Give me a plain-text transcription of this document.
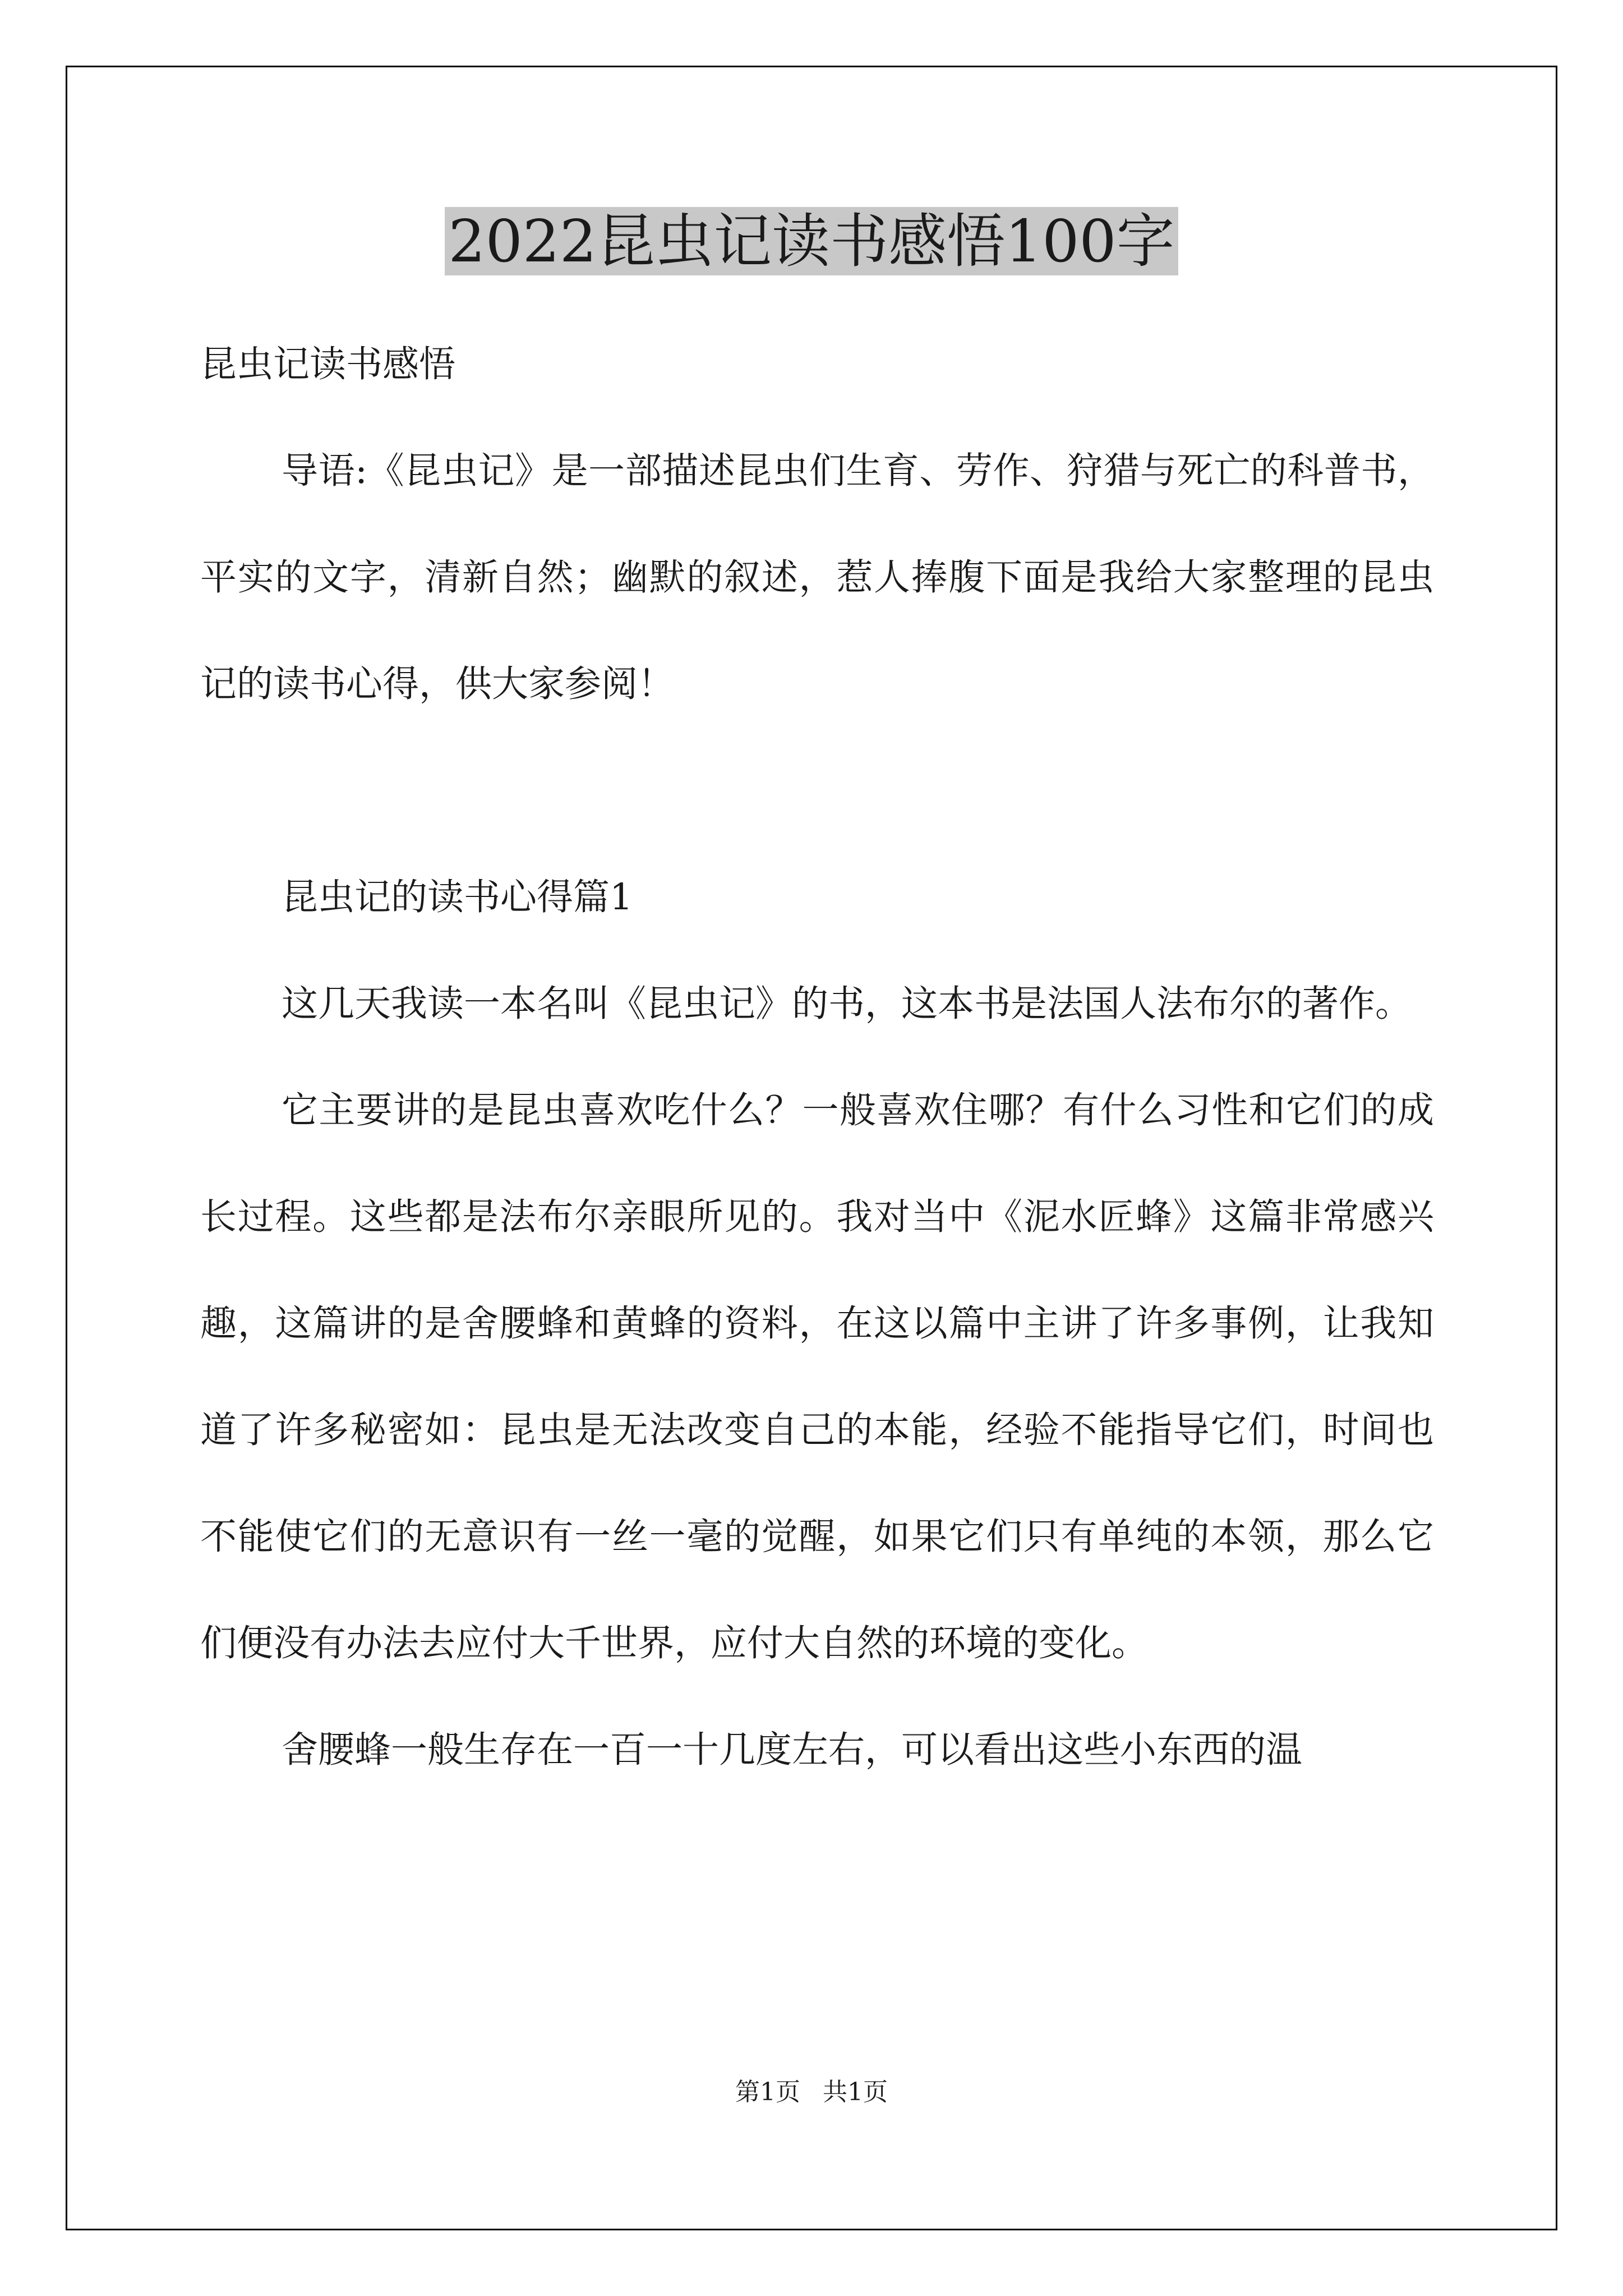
2022昆虫记读书感悟100字

昆虫记读书感悟

导语:《昆虫记》是一部描述昆虫们生育、劳作、狩猎与死亡的科普书，平实的文字，清新自然；幽默的叙述，惹人捧腹下面是我给大家整理的昆虫记的读书心得，供大家参阅！

昆虫记的读书心得篇1

这几天我读一本名叫《昆虫记》的书，这本书是法国人法布尔的著作。

它主要讲的是昆虫喜欢吃什么？一般喜欢住哪？有什么习性和它们的成长过程。这些都是法布尔亲眼所见的。我对当中《泥水匠蜂》这篇非常感兴趣，这篇讲的是舍腰蜂和黄蜂的资料，在这以篇中主讲了许多事例，让我知道了许多秘密如：昆虫是无法改变自己的本能，经验不能指导它们，时间也不能使它们的无意识有一丝一毫的觉醒，如果它们只有单纯的本领，那么它们便没有办法去应付大千世界，应付大自然的环境的变化。

舍腰蜂一般生存在一百一十几度左右，可以看出这些小东西的温

第1页 共1页
